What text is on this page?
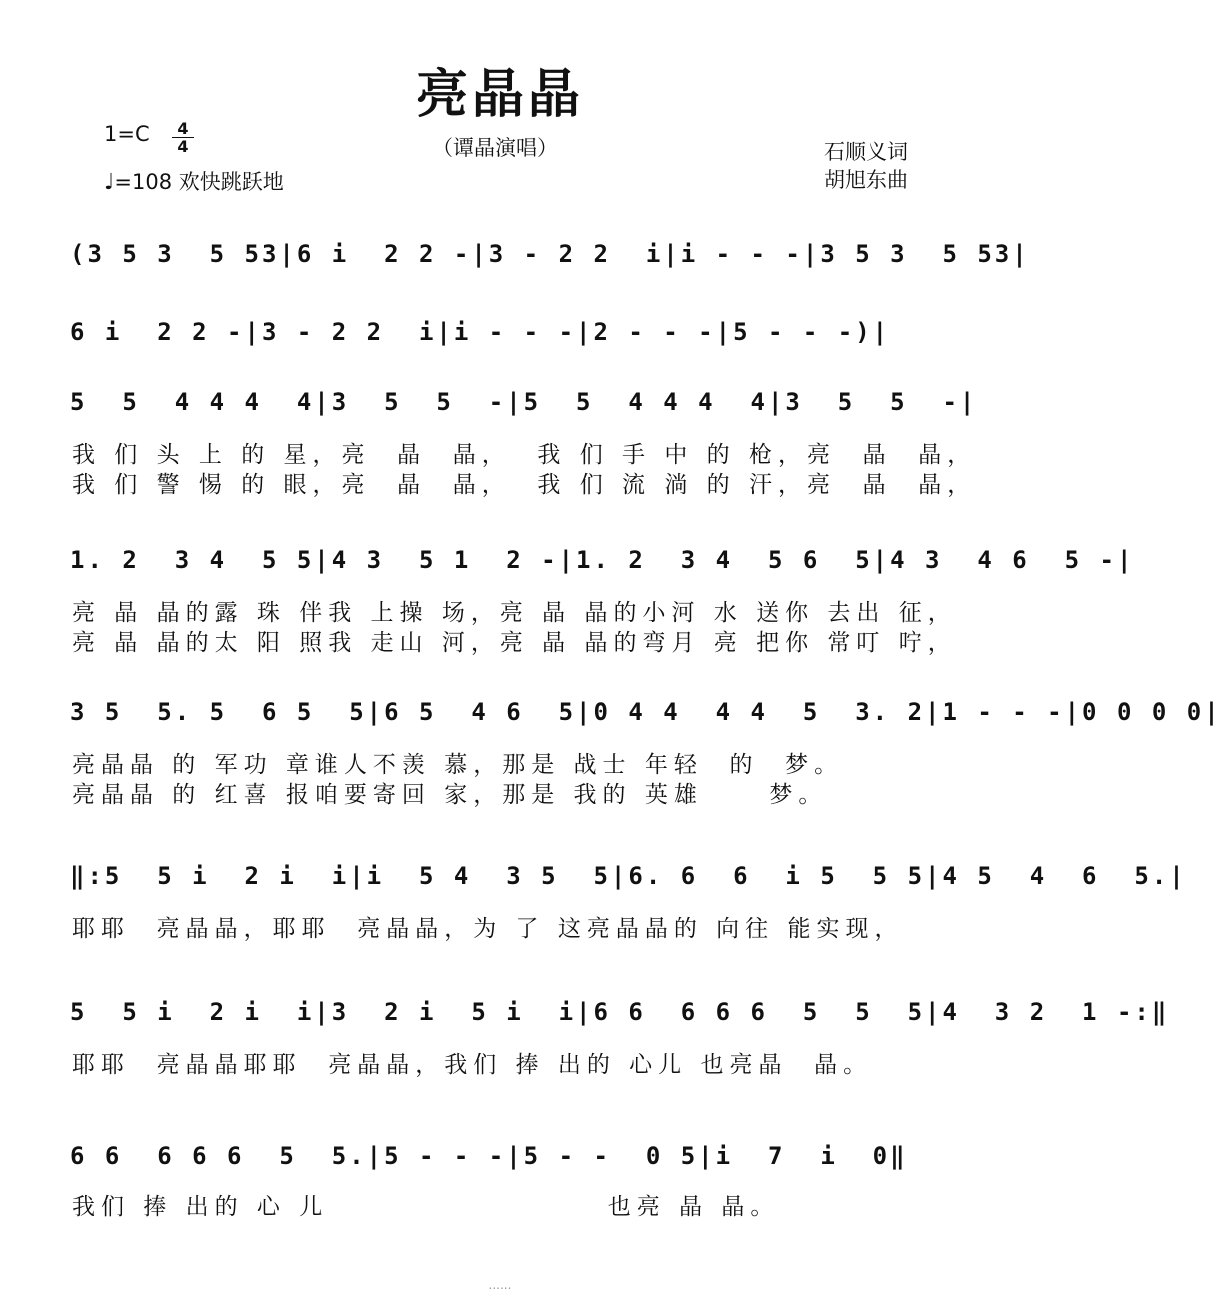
亮晶晶
1=C	4
4
♩=108 欢快跳跃地
（谭晶演唱）	石顺义词
胡旭东曲
(3 5 3  5 53|6 i  2 2 -|3 - 2 2  i|i - - -|3 5 3  5 53|
6 i  2 2 -|3 - 2 2  i|i - - -|2 - - -|5 - - -)|
5  5  4 4 4  4|3  5  5  -|5  5  4 4 4  4|3  5  5  -|
我 们 头 上 的 星，亮  晶  晶，  我 们 手 中 的 枪，亮  晶  晶，
我 们 警 惕 的 眼，亮  晶  晶，  我 们 流 淌 的 汗，亮  晶  晶，
1. 2  3 4  5 5|4 3  5 1  2 -|1. 2  3 4  5 6  5|4 3  4 6  5 -|
亮 晶 晶的露 珠 伴我 上操 场，亮 晶 晶的小河 水 送你 去出 征，
亮 晶 晶的太 阳 照我 走山 河，亮 晶 晶的弯月 亮 把你 常叮 咛，
3 5  5. 5  6 5  5|6 5  4 6  5|0 4 4  4 4  5  3. 2|1 - - -|0 0 0 0|
亮晶晶 的 军功 章谁人不羡 慕，那是 战士 年轻  的  梦。
亮晶晶 的 红喜 报咱要寄回 家，那是 我的 英雄     梦。
‖:5  5 i  2 i  i|i  5 4  3 5  5|6. 6  6  i 5  5 5|4 5  4  6  5.|
耶耶  亮晶晶，耶耶  亮晶晶，为 了 这亮晶晶的 向往 能实现，
5  5 i  2 i  i|3  2 i  5 i  i|6 6  6 6 6  5  5  5|4  3 2  1 -:‖
耶耶  亮晶晶耶耶  亮晶晶，我们 捧 出的 心儿 也亮晶  晶。
6 6  6 6 6  5  5.|5 - - -|5 - -  0 5|i  7  i  0‖
我们 捧 出的 心 儿                     也亮 晶 晶。
......
